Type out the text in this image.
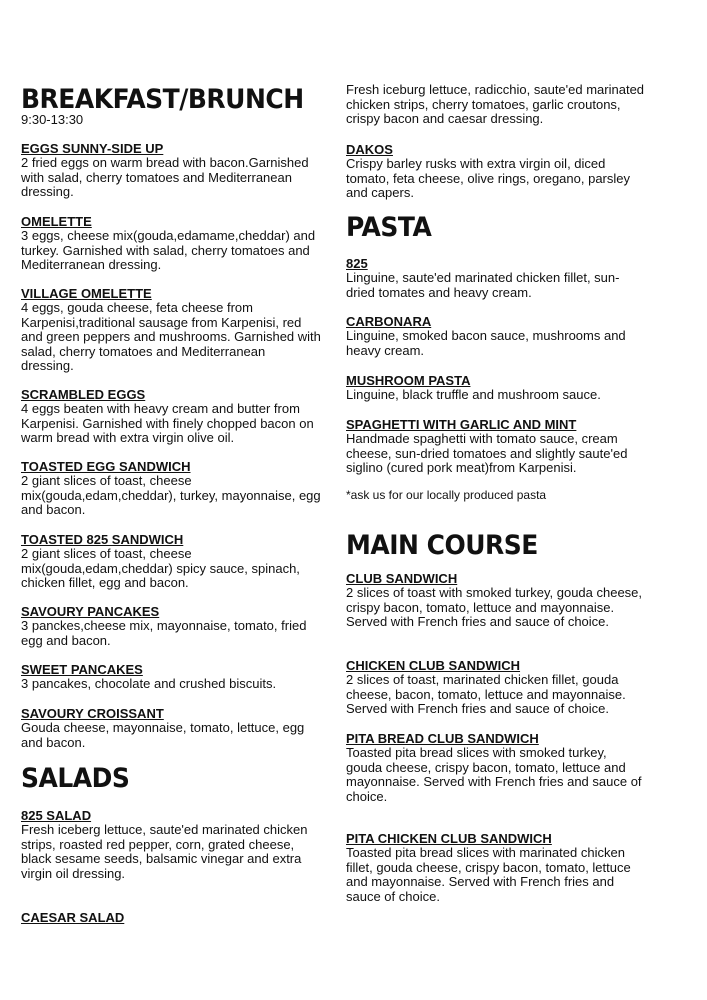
BREAKFAST/BRUNCH
9:30-13:30
EGGS SUNNY-SIDE UP
2 fried eggs on warm bread with bacon.Garnished with salad, cherry tomatoes and Mediterranean dressing.
OMELETTE
3 eggs, cheese mix(gouda,edamame,cheddar) and turkey. Garnished with salad, cherry tomatoes and Mediterranean dressing.
VILLAGE OMELETTE
4 eggs, gouda cheese, feta cheese from Karpenisi,traditional sausage from Karpenisi, red and green peppers and mushrooms. Garnished with salad, cherry tomatoes and Mediterranean dressing.
SCRAMBLED EGGS
4 eggs beaten with heavy cream and butter from Karpenisi. Garnished with finely chopped bacon on warm bread with extra virgin olive oil.
TOASTED EGG SANDWICH
2 giant slices of toast, cheese mix(gouda,edam,cheddar), turkey, mayonnaise, egg and bacon.
TOASTED 825 SANDWICH
2 giant slices of toast, cheese mix(gouda,edam,cheddar) spicy sauce, spinach, chicken fillet, egg and bacon.
SAVOURY PANCAKES
3 panckes,cheese mix, mayonnaise, tomato, fried egg and bacon.
SWEET PANCAKES
3 pancakes, chocolate and crushed biscuits.
SAVOURY CROISSANT
Gouda cheese, mayonnaise, tomato, lettuce, egg and bacon.
SALADS
825 SALAD
Fresh iceberg lettuce, saute'ed marinated chicken strips, roasted red pepper, corn, grated cheese, black sesame seeds, balsamic vinegar and extra virgin oil dressing.
CAESAR SALAD
Fresh iceburg lettuce, radicchio, saute'ed marinated chicken strips, cherry tomatoes, garlic croutons, crispy bacon and caesar dressing.
DAKOS
Crispy barley rusks with extra virgin oil, diced tomato, feta cheese, olive rings, oregano, parsley and capers.
PASTA
825
Linguine, saute'ed marinated chicken fillet, sun-dried tomates and heavy cream.
CARBONARA
Linguine, smoked bacon sauce, mushrooms and heavy cream.
MUSHROOM PASTA
Linguine, black truffle and mushroom sauce.
SPAGHETTI WITH GARLIC AND MINT
Handmade spaghetti with tomato sauce, cream cheese, sun-dried tomatoes and slightly saute'ed siglino (cured pork meat)from Karpenisi.
*ask us for our locally produced pasta
MAIN COURSE
CLUB SANDWICH
2 slices of toast with smoked turkey, gouda cheese, crispy bacon, tomato, lettuce and mayonnaise. Served with French fries and sauce of choice.
CHICKEN CLUB SANDWICH
2 slices of toast, marinated chicken fillet, gouda cheese, bacon, tomato, lettuce and mayonnaise. Served with French fries and sauce of choice.
PITA BREAD CLUB SANDWICH
Toasted pita bread slices with smoked turkey, gouda cheese, crispy bacon, tomato, lettuce and mayonnaise. Served with French fries and sauce of choice.
PITA CHICKEN CLUB SANDWICH
Toasted pita bread slices with marinated chicken fillet, gouda cheese, crispy bacon, tomato, lettuce and mayonnaise. Served with French fries and sauce of choice.
